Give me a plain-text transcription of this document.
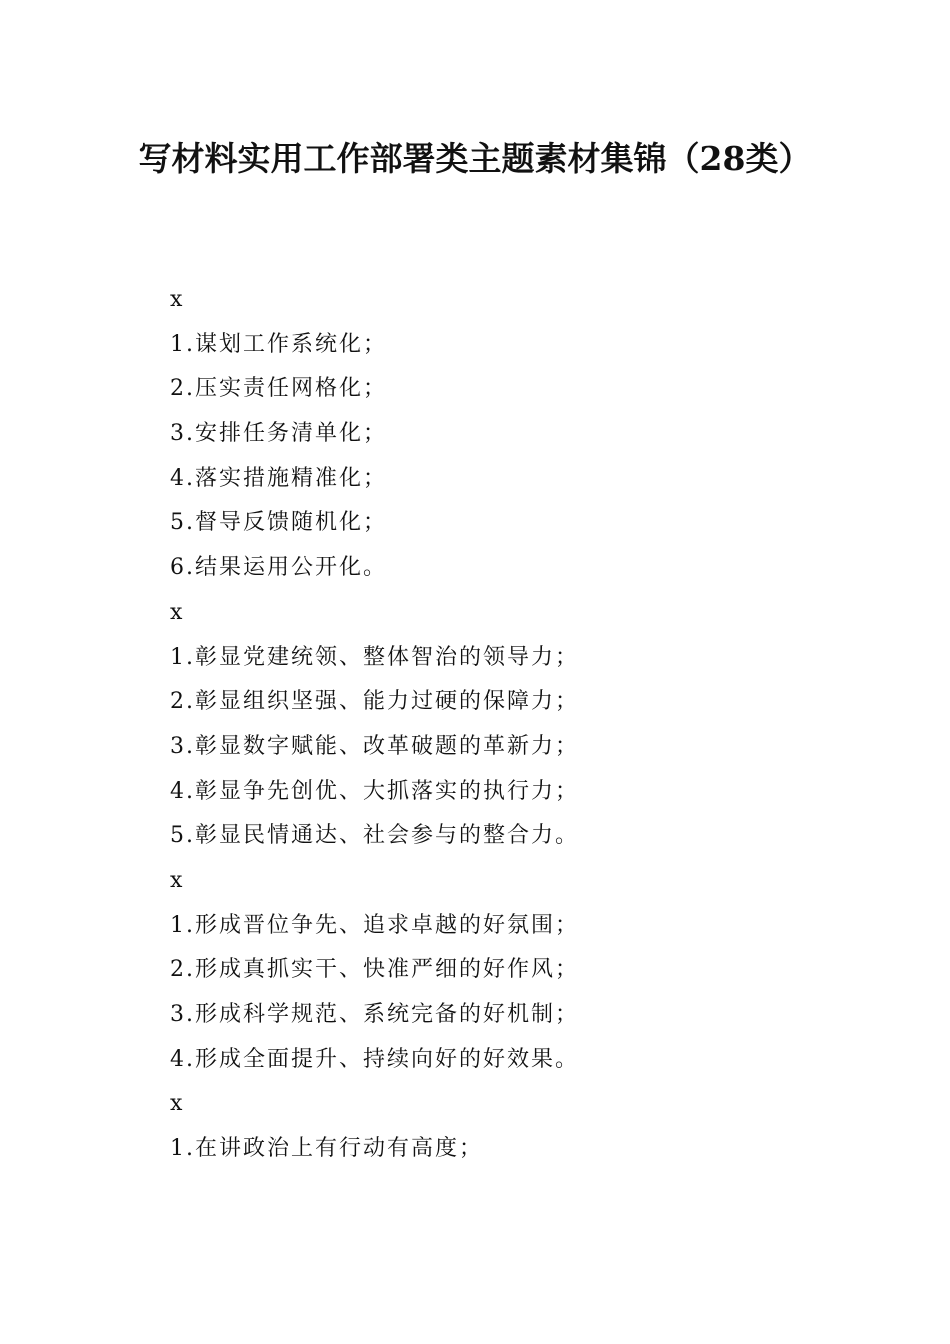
写材料实用工作部署类主题素材集锦（28类）
x
1.谋划工作系统化；
2.压实责任网格化；
3.安排任务清单化；
4.落实措施精准化；
5.督导反馈随机化；
6.结果运用公开化。
x
1.彰显党建统领、整体智治的领导力；
2.彰显组织坚强、能力过硬的保障力；
3.彰显数字赋能、改革破题的革新力；
4.彰显争先创优、大抓落实的执行力；
5.彰显民情通达、社会参与的整合力。
x
1.形成晋位争先、追求卓越的好氛围；
2.形成真抓实干、快准严细的好作风；
3.形成科学规范、系统完备的好机制；
4.形成全面提升、持续向好的好效果。
x
1.在讲政治上有行动有高度；
